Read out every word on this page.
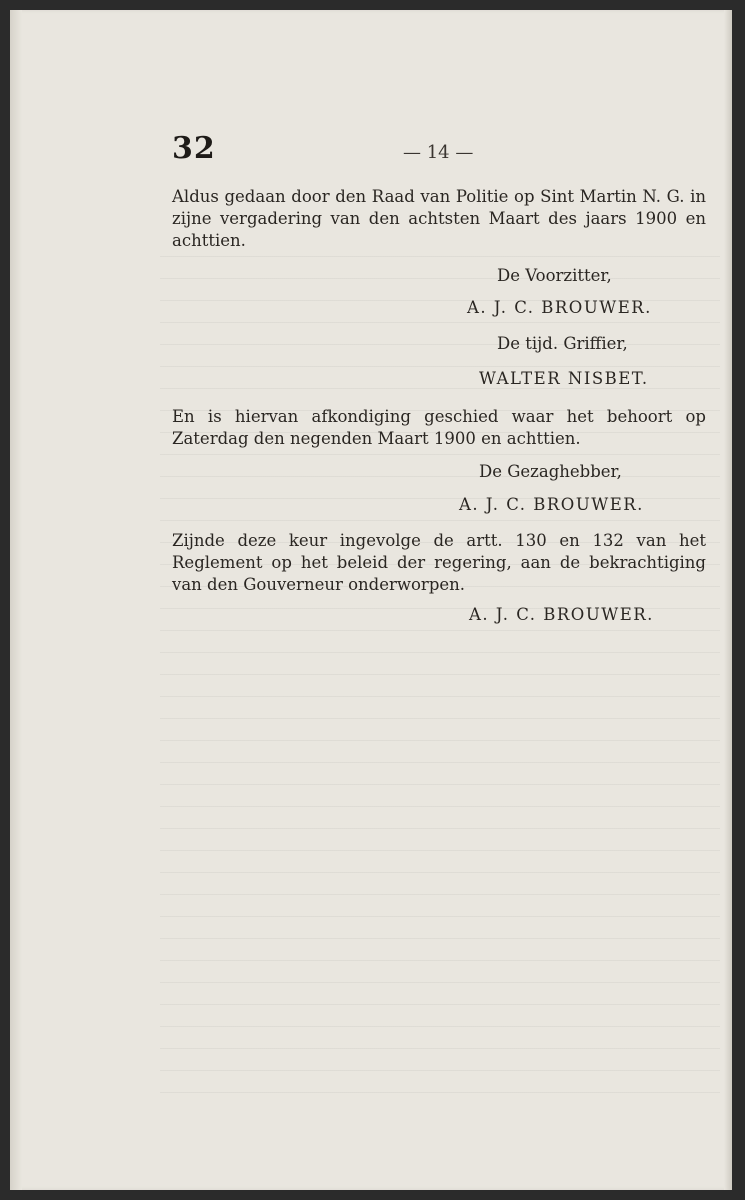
32	— 14 —
Aldus gedaan door den Raad van Politie op Sint Martin N. G. in zijne vergadering van den achtsten Maart des jaars 1900 en achttien.
De Voorzitter,
A. J. C. BROUWER.
De tijd. Griffier,
WALTER NISBET.
En is hiervan afkondiging geschied waar het behoort op Zaterdag den negenden Maart 1900 en achttien.
De Gezaghebber,
A. J. C. BROUWER.
Zijnde deze keur ingevolge de artt. 130 en 132 van het Reglement op het beleid der regering, aan de bekrachtiging van den Gouverneur onderworpen.
A. J. C. BROUWER.
